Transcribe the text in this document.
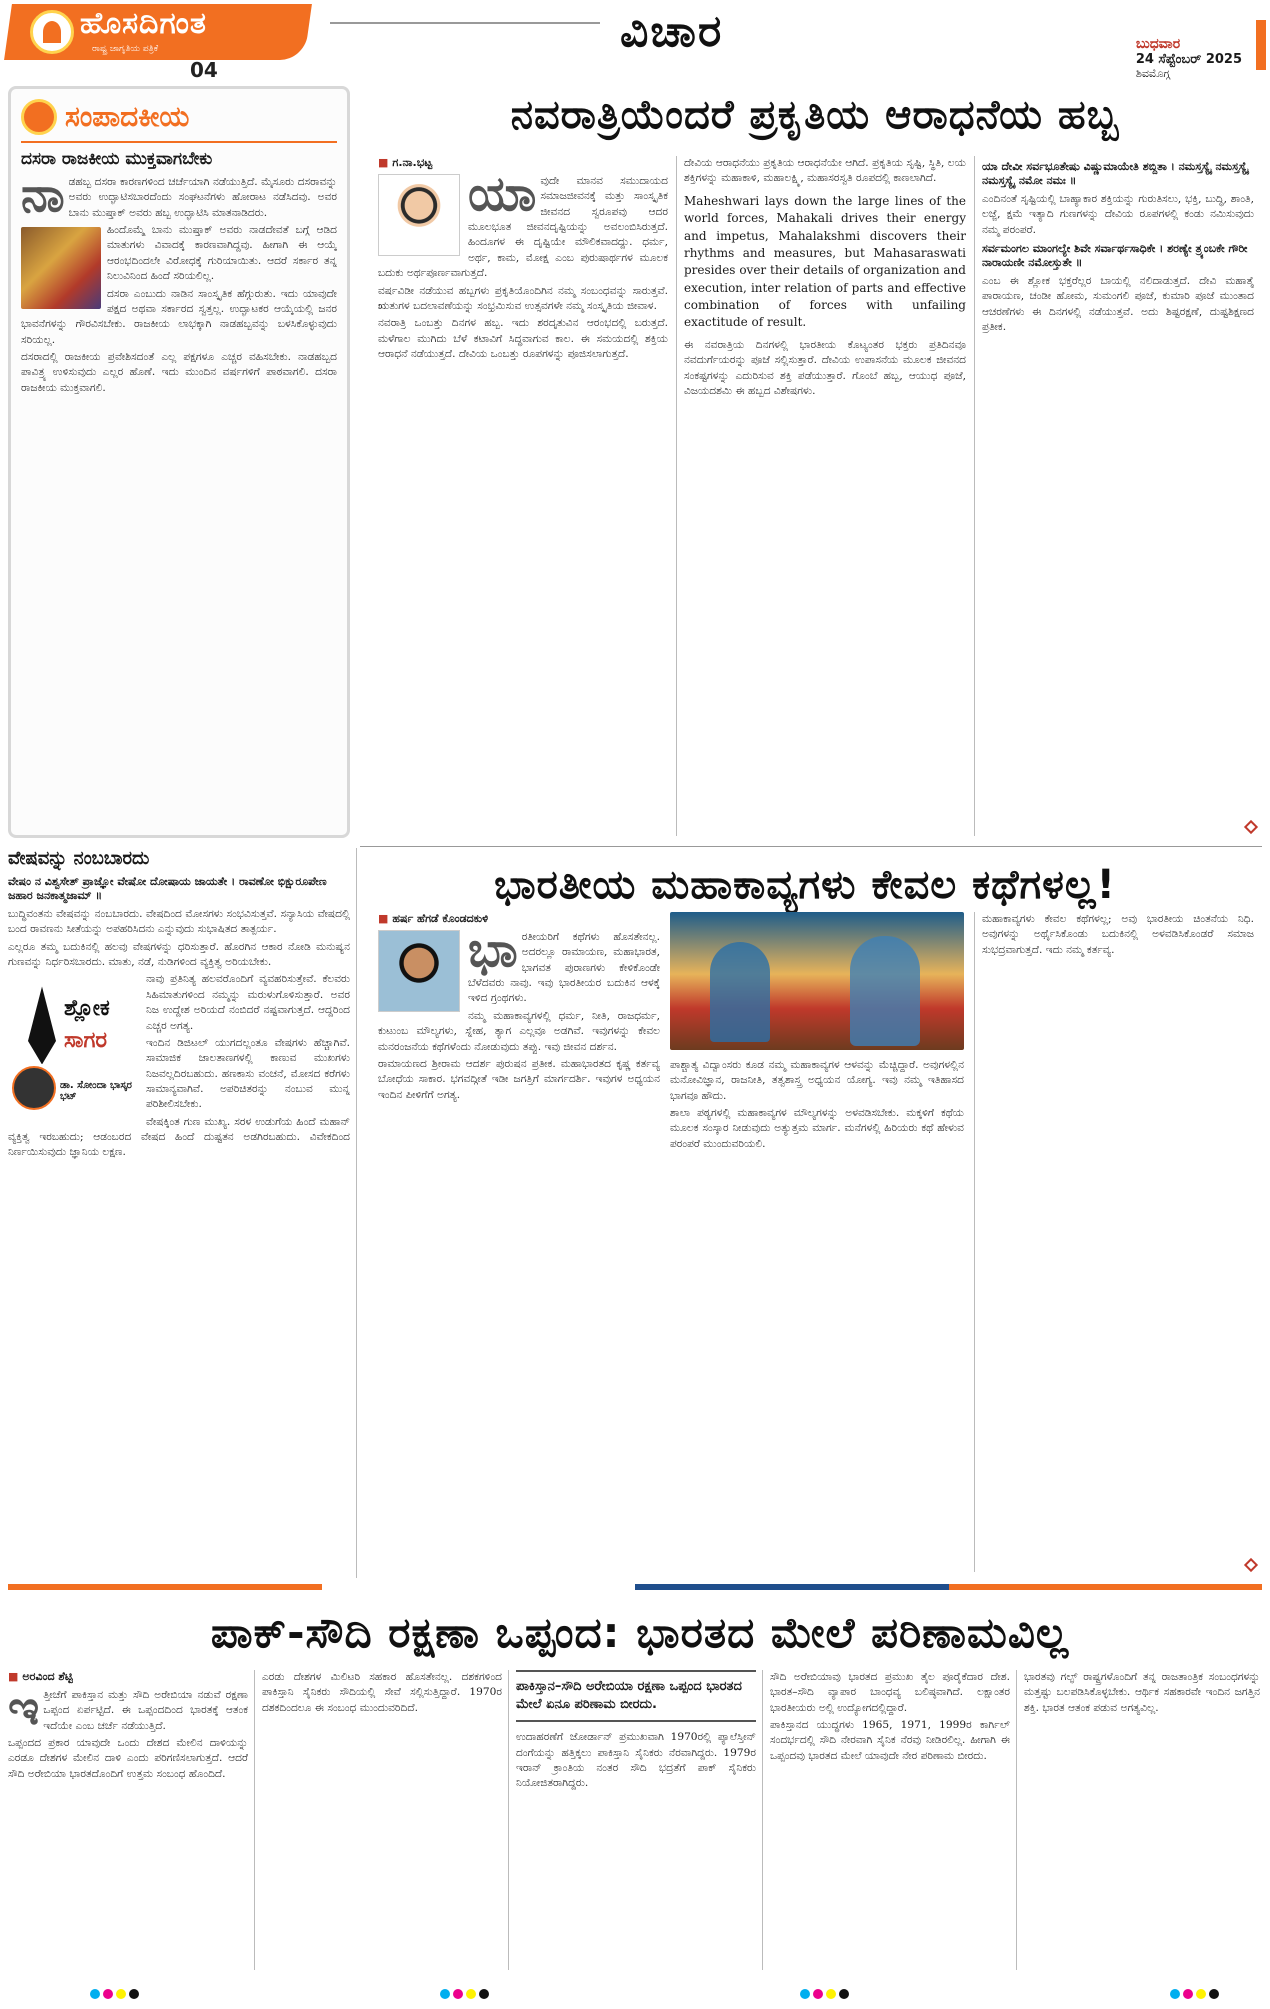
ಹೊಸದಿಗಂತ
ರಾಷ್ಟ್ರ ಜಾಗೃತಿಯ ಪತ್ರಿಕೆ
04
ವಿಚಾರ	ಬುಧವಾರ
24 ಸೆಪ್ಟೆಂಬರ್ 2025
ಶಿವಮೊಗ್ಗ
ಸಂಪಾದಕೀಯ
ದಸರಾ ರಾಜಕೀಯ ಮುಕ್ತವಾಗಬೇಕು
ನಾ ಡಹಬ್ಬ ದಸರಾ ಕಾರಣಗಳಿಂದ ಚರ್ಚೆಯಾಗಿ ನಡೆಯುತ್ತಿದೆ. ಮೈಸೂರು ದಸರಾವನ್ನು ಅವರು ಉದ್ಘಾಟಿಸಬಾರದೆಂದು ಸಂಘಟನೆಗಳು ಹೋರಾಟ ನಡೆಸಿದವು. ಅವರ ಬಾನು ಮುಷ್ತಾಕ್ ಅವರು ಹಬ್ಬ ಉದ್ಘಾಟಿಸಿ ಮಾತನಾಡಿದರು.

ಹಿಂದೊಮ್ಮೆ ಬಾನು ಮುಷ್ತಾಕ್ ಅವರು ನಾಡದೇವತೆ ಬಗ್ಗೆ ಆಡಿದ ಮಾತುಗಳು ವಿವಾದಕ್ಕೆ ಕಾರಣವಾಗಿದ್ದವು. ಹೀಗಾಗಿ ಈ ಆಯ್ಕೆ ಆರಂಭದಿಂದಲೇ ವಿರೋಧಕ್ಕೆ ಗುರಿಯಾಯಿತು. ಆದರೆ ಸರ್ಕಾರ ತನ್ನ ನಿಲುವಿನಿಂದ ಹಿಂದೆ ಸರಿಯಲಿಲ್ಲ.

ದಸರಾ ಎಂಬುದು ನಾಡಿನ ಸಾಂಸ್ಕೃತಿಕ ಹೆಗ್ಗುರುತು. ಇದು ಯಾವುದೇ ಪಕ್ಷದ ಅಥವಾ ಸರ್ಕಾರದ ಸ್ವತ್ತಲ್ಲ. ಉದ್ಘಾಟಕರ ಆಯ್ಕೆಯಲ್ಲಿ ಜನರ ಭಾವನೆಗಳನ್ನು ಗೌರವಿಸಬೇಕು. ರಾಜಕೀಯ ಲಾಭಕ್ಕಾಗಿ ನಾಡಹಬ್ಬವನ್ನು ಬಳಸಿಕೊಳ್ಳುವುದು ಸರಿಯಲ್ಲ.

ದಸರಾದಲ್ಲಿ ರಾಜಕೀಯ ಪ್ರವೇಶಿಸದಂತೆ ಎಲ್ಲ ಪಕ್ಷಗಳೂ ಎಚ್ಚರ ವಹಿಸಬೇಕು. ನಾಡಹಬ್ಬದ ಪಾವಿತ್ರ್ಯ ಉಳಿಸುವುದು ಎಲ್ಲರ ಹೊಣೆ. ಇದು ಮುಂದಿನ ವರ್ಷಗಳಿಗೆ ಪಾಠವಾಗಲಿ. ದಸರಾ ರಾಜಕೀಯ ಮುಕ್ತವಾಗಲಿ.

ನವರಾತ್ರಿಯೆಂದರೆ ಪ್ರಕೃತಿಯ ಆರಾಧನೆಯ ಹಬ್ಬ
■ ಗ.ನಾ.ಭಟ್ಟ
ಯಾ ವುದೇ ಮಾನವ ಸಮುದಾಯದ ಸಮಾಜಜೀವನಕ್ಕೆ ಮತ್ತು ಸಾಂಸ್ಕೃತಿಕ ಜೀವನದ ಸ್ವರೂಪವು ಆದರ ಮೂಲಭೂತ ಜೀವನದೃಷ್ಟಿಯನ್ನು ಅವಲಂಬಿಸಿರುತ್ತದೆ. ಹಿಂದೂಗಳ ಈ ದೃಷ್ಟಿಯೇ ಮೌಲಿಕವಾದದ್ದು. ಧರ್ಮ, ಅರ್ಥ, ಕಾಮ, ಮೋಕ್ಷ ಎಂಬ ಪುರುಷಾರ್ಥಗಳ ಮೂಲಕ ಬದುಕು ಅರ್ಥಪೂರ್ಣವಾಗುತ್ತದೆ.

ವರ್ಷವಿಡೀ ನಡೆಯುವ ಹಬ್ಬಗಳು ಪ್ರಕೃತಿಯೊಂದಿಗಿನ ನಮ್ಮ ಸಂಬಂಧವನ್ನು ಸಾರುತ್ತವೆ. ಋತುಗಳ ಬದಲಾವಣೆಯನ್ನು ಸಂಭ್ರಮಿಸುವ ಉತ್ಸವಗಳೇ ನಮ್ಮ ಸಂಸ್ಕೃತಿಯ ಜೀವಾಳ.

ನವರಾತ್ರಿ ಒಂಬತ್ತು ದಿನಗಳ ಹಬ್ಬ. ಇದು ಶರದೃತುವಿನ ಆರಂಭದಲ್ಲಿ ಬರುತ್ತದೆ. ಮಳೆಗಾಲ ಮುಗಿದು ಬೆಳೆ ಕಟಾವಿಗೆ ಸಿದ್ಧವಾಗುವ ಕಾಲ. ಈ ಸಮಯದಲ್ಲಿ ಶಕ್ತಿಯ ಆರಾಧನೆ ನಡೆಯುತ್ತದೆ. ದೇವಿಯ ಒಂಬತ್ತು ರೂಪಗಳನ್ನು ಪೂಜಿಸಲಾಗುತ್ತದೆ.

ದೇವಿಯ ಆರಾಧನೆಯು ಪ್ರಕೃತಿಯ ಆರಾಧನೆಯೇ ಆಗಿದೆ. ಪ್ರಕೃತಿಯ ಸೃಷ್ಟಿ, ಸ್ಥಿತಿ, ಲಯ ಶಕ್ತಿಗಳನ್ನು ಮಹಾಕಾಳಿ, ಮಹಾಲಕ್ಷ್ಮಿ, ಮಹಾಸರಸ್ವತಿ ರೂಪದಲ್ಲಿ ಕಾಣಲಾಗಿದೆ.

Maheshwari lays down the large lines of the world forces, Mahakali drives their energy and impetus, Mahalakshmi discovers their rhythms and measures, but Mahasaraswati presides over their details of organization and execution, inter relation of parts and effective combination of forces with unfailing exactitude of result.

ಈ ನವರಾತ್ರಿಯ ದಿನಗಳಲ್ಲಿ ಭಾರತೀಯ ಕೊಟ್ಯಂತರ ಭಕ್ತರು ಪ್ರತಿದಿನವೂ ನವದುರ್ಗೆಯರನ್ನು ಪೂಜೆ ಸಲ್ಲಿಸುತ್ತಾರೆ. ದೇವಿಯ ಉಪಾಸನೆಯ ಮೂಲಕ ಜೀವನದ ಸಂಕಷ್ಟಗಳನ್ನು ಎದುರಿಸುವ ಶಕ್ತಿ ಪಡೆಯುತ್ತಾರೆ. ಗೊಂಬೆ ಹಬ್ಬ, ಆಯುಧ ಪೂಜೆ, ವಿಜಯದಶಮಿ ಈ ಹಬ್ಬದ ವಿಶೇಷಗಳು.

ಯಾ ದೇವೀ ಸರ್ವಭೂತೇಷು ವಿಷ್ಣುಮಾಯೇತಿ ಶಬ್ದಿತಾ । ನಮಸ್ತಸ್ಯೈ ನಮಸ್ತಸ್ಯೈ ನಮಸ್ತಸ್ಯೈ ನಮೋ ನಮಃ ॥

ಎಂದಿನಂತೆ ಸೃಷ್ಟಿಯಲ್ಲಿ ಬಾಹ್ಯಾಕಾರ ಶಕ್ತಿಯನ್ನು ಗುರುತಿಸಲು, ಭಕ್ತಿ, ಬುದ್ಧಿ, ಶಾಂತಿ, ಲಜ್ಜೆ, ಕ್ಷಮೆ ಇತ್ಯಾದಿ ಗುಣಗಳನ್ನು ದೇವಿಯ ರೂಪಗಳಲ್ಲಿ ಕಂಡು ನಮಿಸುವುದು ನಮ್ಮ ಪರಂಪರೆ.

ಸರ್ವಮಂಗಲ ಮಾಂಗಲ್ಯೇ ಶಿವೇ ಸರ್ವಾರ್ಥಸಾಧಿಕೇ । ಶರಣ್ಯೇ ತ್ರ್ಯಂಬಕೇ ಗೌರೀ ನಾರಾಯಣೀ ನಮೋಸ್ತುತೇ ॥

ಎಂಬ ಈ ಶ್ಲೋಕ ಭಕ್ತರೆಲ್ಲರ ಬಾಯಲ್ಲಿ ನಲಿದಾಡುತ್ತದೆ. ದೇವಿ ಮಹಾತ್ಮೆ ಪಾರಾಯಣ, ಚಂಡೀ ಹೋಮ, ಸುಮಂಗಲಿ ಪೂಜೆ, ಕುಮಾರಿ ಪೂಜೆ ಮುಂತಾದ ಆಚರಣೆಗಳು ಈ ದಿನಗಳಲ್ಲಿ ನಡೆಯುತ್ತವೆ. ಅದು ಶಿಷ್ಟರಕ್ಷಣೆ, ದುಷ್ಟಶಿಕ್ಷಣದ ಪ್ರತೀಕ.

ವೇಷವನ್ನು ನಂಬಬಾರದು

ವೇಷಂ ನ ವಿಶ್ವಸೇತ್ ಪ್ರಾಜ್ಞೋ ವೇಷೋ ದೋಷಾಯ ಜಾಯತೇ । ರಾವಣೋ ಭಿಕ್ಷುರೂಪೇಣ ಜಹಾರ ಜನಕಾತ್ಮಜಾಮ್ ॥

ಬುದ್ಧಿವಂತನು ವೇಷವನ್ನು ನಂಬಬಾರದು. ವೇಷದಿಂದ ಮೋಸಗಳು ಸಂಭವಿಸುತ್ತವೆ. ಸನ್ಯಾಸಿಯ ವೇಷದಲ್ಲಿ ಬಂದ ರಾವಣನು ಸೀತೆಯನ್ನು ಅಪಹರಿಸಿದನು ಎನ್ನುವುದು ಸುಭಾಷಿತದ ತಾತ್ಪರ್ಯ.

ಎಲ್ಲರೂ ತಮ್ಮ ಬದುಕಿನಲ್ಲಿ ಹಲವು ವೇಷಗಳನ್ನು ಧರಿಸುತ್ತಾರೆ. ಹೊರಗಿನ ಆಕಾರ ನೋಡಿ ಮನುಷ್ಯನ ಗುಣವನ್ನು ನಿರ್ಧರಿಸಬಾರದು. ಮಾತು, ನಡೆ, ನುಡಿಗಳಿಂದ ವ್ಯಕ್ತಿತ್ವ ಅರಿಯಬೇಕು.

ಶ್ಲೋಕ
ಸಾಗರ
ಡಾ. ಸೋಂದಾ ಭಾಸ್ಕರ ಭಟ್

ನಾವು ಪ್ರತಿನಿತ್ಯ ಹಲವರೊಂದಿಗೆ ವ್ಯವಹರಿಸುತ್ತೇವೆ. ಕೆಲವರು ಸಿಹಿಮಾತುಗಳಿಂದ ನಮ್ಮನ್ನು ಮರುಳುಗೊಳಿಸುತ್ತಾರೆ. ಅವರ ನಿಜ ಉದ್ದೇಶ ಅರಿಯದೆ ನಂಬಿದರೆ ನಷ್ಟವಾಗುತ್ತದೆ. ಆದ್ದರಿಂದ ಎಚ್ಚರ ಅಗತ್ಯ.

ಇಂದಿನ ಡಿಜಿಟಲ್ ಯುಗದಲ್ಲಂತೂ ವೇಷಗಳು ಹೆಚ್ಚಾಗಿವೆ. ಸಾಮಾಜಿಕ ಜಾಲತಾಣಗಳಲ್ಲಿ ಕಾಣುವ ಮುಖಗಳು ನಿಜವಲ್ಲದಿರಬಹುದು. ಹಣಕಾಸು ವಂಚನೆ, ಮೋಸದ ಕರೆಗಳು ಸಾಮಾನ್ಯವಾಗಿವೆ. ಅಪರಿಚಿತರನ್ನು ನಂಬುವ ಮುನ್ನ ಪರಿಶೀಲಿಸಬೇಕು.

ವೇಷಕ್ಕಿಂತ ಗುಣ ಮುಖ್ಯ. ಸರಳ ಉಡುಗೆಯ ಹಿಂದೆ ಮಹಾನ್ ವ್ಯಕ್ತಿತ್ವ ಇರಬಹುದು; ಆಡಂಬರದ ವೇಷದ ಹಿಂದೆ ದುಷ್ಟತನ ಅಡಗಿರಬಹುದು. ವಿವೇಕದಿಂದ ನಿರ್ಣಯಿಸುವುದು ಜ್ಞಾನಿಯ ಲಕ್ಷಣ.

ಭಾರತೀಯ ಮಹಾಕಾವ್ಯಗಳು ಕೇವಲ ಕಥೆಗಳಲ್ಲ!
■ ಹರ್ಷ ಹೆಗಡೆ ಕೊಂಡದಕುಳಿ
ಭಾ ರತೀಯರಿಗೆ ಕಥೆಗಳು ಹೊಸತೇನಲ್ಲ. ಅದರಲ್ಲೂ ರಾಮಾಯಣ, ಮಹಾಭಾರತ, ಭಾಗವತ ಪುರಾಣಗಳು ಕೇಳಿಕೊಂಡೇ ಬೆಳೆದವರು ನಾವು. ಇವು ಭಾರತೀಯರ ಬದುಕಿನ ಆಳಕ್ಕೆ ಇಳಿದ ಗ್ರಂಥಗಳು.

ನಮ್ಮ ಮಹಾಕಾವ್ಯಗಳಲ್ಲಿ ಧರ್ಮ, ನೀತಿ, ರಾಜಧರ್ಮ, ಕುಟುಂಬ ಮೌಲ್ಯಗಳು, ಸ್ನೇಹ, ತ್ಯಾಗ ಎಲ್ಲವೂ ಅಡಗಿವೆ. ಇವುಗಳನ್ನು ಕೇವಲ ಮನರಂಜನೆಯ ಕಥೆಗಳೆಂದು ನೋಡುವುದು ತಪ್ಪು. ಇವು ಜೀವನ ದರ್ಶನ.

ರಾಮಾಯಣದ ಶ್ರೀರಾಮ ಆದರ್ಶ ಪುರುಷನ ಪ್ರತೀಕ. ಮಹಾಭಾರತದ ಕೃಷ್ಣ ಕರ್ತವ್ಯ ಬೋಧೆಯ ಸಾಕಾರ. ಭಗವದ್ಗೀತೆ ಇಡೀ ಜಗತ್ತಿಗೆ ಮಾರ್ಗದರ್ಶಿ. ಇವುಗಳ ಅಧ್ಯಯನ ಇಂದಿನ ಪೀಳಿಗೆಗೆ ಅಗತ್ಯ.

ಪಾಶ್ಚಾತ್ಯ ವಿದ್ವಾಂಸರು ಕೂಡ ನಮ್ಮ ಮಹಾಕಾವ್ಯಗಳ ಆಳವನ್ನು ಮೆಚ್ಚಿದ್ದಾರೆ. ಅವುಗಳಲ್ಲಿನ ಮನೋವಿಜ್ಞಾನ, ರಾಜನೀತಿ, ತತ್ವಶಾಸ್ತ್ರ ಅಧ್ಯಯನ ಯೋಗ್ಯ. ಇವು ನಮ್ಮ ಇತಿಹಾಸದ ಭಾಗವೂ ಹೌದು.

ಶಾಲಾ ಪಠ್ಯಗಳಲ್ಲಿ ಮಹಾಕಾವ್ಯಗಳ ಮೌಲ್ಯಗಳನ್ನು ಅಳವಡಿಸಬೇಕು. ಮಕ್ಕಳಿಗೆ ಕಥೆಯ ಮೂಲಕ ಸಂಸ್ಕಾರ ನೀಡುವುದು ಅತ್ಯುತ್ತಮ ಮಾರ್ಗ. ಮನೆಗಳಲ್ಲಿ ಹಿರಿಯರು ಕಥೆ ಹೇಳುವ ಪರಂಪರೆ ಮುಂದುವರಿಯಲಿ.

ಮಹಾಕಾವ್ಯಗಳು ಕೇವಲ ಕಥೆಗಳಲ್ಲ; ಅವು ಭಾರತೀಯ ಚಿಂತನೆಯ ನಿಧಿ. ಅವುಗಳನ್ನು ಅರ್ಥೈಸಿಕೊಂಡು ಬದುಕಿನಲ್ಲಿ ಅಳವಡಿಸಿಕೊಂಡರೆ ಸಮಾಜ ಸುಭದ್ರವಾಗುತ್ತದೆ. ಇದು ನಮ್ಮ ಕರ್ತವ್ಯ.

ಪಾಕ್-ಸೌದಿ ರಕ್ಷಣಾ ಒಪ್ಪಂದ: ಭಾರತದ ಮೇಲೆ ಪರಿಣಾಮವಿಲ್ಲ
■ ಅರವಿಂದ ಶೆಟ್ಟಿ
ಇ ತ್ತೀಚೆಗೆ ಪಾಕಿಸ್ತಾನ ಮತ್ತು ಸೌದಿ ಅರೇಬಿಯಾ ನಡುವೆ ರಕ್ಷಣಾ ಒಪ್ಪಂದ ಏರ್ಪಟ್ಟಿದೆ. ಈ ಒಪ್ಪಂದದಿಂದ ಭಾರತಕ್ಕೆ ಆತಂಕ ಇದೆಯೇ ಎಂಬ ಚರ್ಚೆ ನಡೆಯುತ್ತಿದೆ.

ಒಪ್ಪಂದದ ಪ್ರಕಾರ ಯಾವುದೇ ಒಂದು ದೇಶದ ಮೇಲಿನ ದಾಳಿಯನ್ನು ಎರಡೂ ದೇಶಗಳ ಮೇಲಿನ ದಾಳಿ ಎಂದು ಪರಿಗಣಿಸಲಾಗುತ್ತದೆ. ಆದರೆ ಸೌದಿ ಅರೇಬಿಯಾ ಭಾರತದೊಂದಿಗೆ ಉತ್ತಮ ಸಂಬಂಧ ಹೊಂದಿದೆ.

ಎರಡು ದೇಶಗಳ ಮಿಲಿಟರಿ ಸಹಕಾರ ಹೊಸತೇನಲ್ಲ. ದಶಕಗಳಿಂದ ಪಾಕಿಸ್ತಾನಿ ಸೈನಿಕರು ಸೌದಿಯಲ್ಲಿ ಸೇವೆ ಸಲ್ಲಿಸುತ್ತಿದ್ದಾರೆ. 1970ರ ದಶಕದಿಂದಲೂ ಈ ಸಂಬಂಧ ಮುಂದುವರಿದಿದೆ.

ಪಾಕಿಸ್ತಾನ–ಸೌದಿ ಅರೇಬಿಯಾ ರಕ್ಷಣಾ ಒಪ್ಪಂದ ಭಾರತದ ಮೇಲೆ ಏನೂ ಪರಿಣಾಮ ಬೀರದು.

ಉದಾಹರಣೆಗೆ ಜೋರ್ಡಾನ್ ಪ್ರಮುಖವಾಗಿ 1970ರಲ್ಲಿ ಪ್ಯಾಲೆಸ್ತೀನ್ ದಂಗೆಯನ್ನು ಹತ್ತಿಕ್ಕಲು ಪಾಕಿಸ್ತಾನಿ ಸೈನಿಕರು ನೆರವಾಗಿದ್ದರು. 1979ರ ಇರಾನ್ ಕ್ರಾಂತಿಯ ನಂತರ ಸೌದಿ ಭದ್ರತೆಗೆ ಪಾಕ್ ಸೈನಿಕರು ನಿಯೋಜಿತರಾಗಿದ್ದರು.

ಸೌದಿ ಅರೇಬಿಯಾವು ಭಾರತದ ಪ್ರಮುಖ ತೈಲ ಪೂರೈಕೆದಾರ ದೇಶ. ಭಾರತ–ಸೌದಿ ವ್ಯಾಪಾರ ಬಾಂಧವ್ಯ ಬಲಿಷ್ಠವಾಗಿದೆ. ಲಕ್ಷಾಂತರ ಭಾರತೀಯರು ಅಲ್ಲಿ ಉದ್ಯೋಗದಲ್ಲಿದ್ದಾರೆ.

ಪಾಕಿಸ್ತಾನದ ಯುದ್ಧಗಳು 1965, 1971, 1999ರ ಕಾರ್ಗಿಲ್ ಸಂದರ್ಭದಲ್ಲಿ ಸೌದಿ ನೇರವಾಗಿ ಸೈನಿಕ ನೆರವು ನೀಡಿರಲಿಲ್ಲ. ಹೀಗಾಗಿ ಈ ಒಪ್ಪಂದವು ಭಾರತದ ಮೇಲೆ ಯಾವುದೇ ನೇರ ಪರಿಣಾಮ ಬೀರದು.

ಭಾರತವು ಗಲ್ಫ್ ರಾಷ್ಟ್ರಗಳೊಂದಿಗೆ ತನ್ನ ರಾಜತಾಂತ್ರಿಕ ಸಂಬಂಧಗಳನ್ನು ಮತ್ತಷ್ಟು ಬಲಪಡಿಸಿಕೊಳ್ಳಬೇಕು. ಆರ್ಥಿಕ ಸಹಕಾರವೇ ಇಂದಿನ ಜಗತ್ತಿನ ಶಕ್ತಿ. ಭಾರತ ಆತಂಕ ಪಡುವ ಅಗತ್ಯವಿಲ್ಲ.
